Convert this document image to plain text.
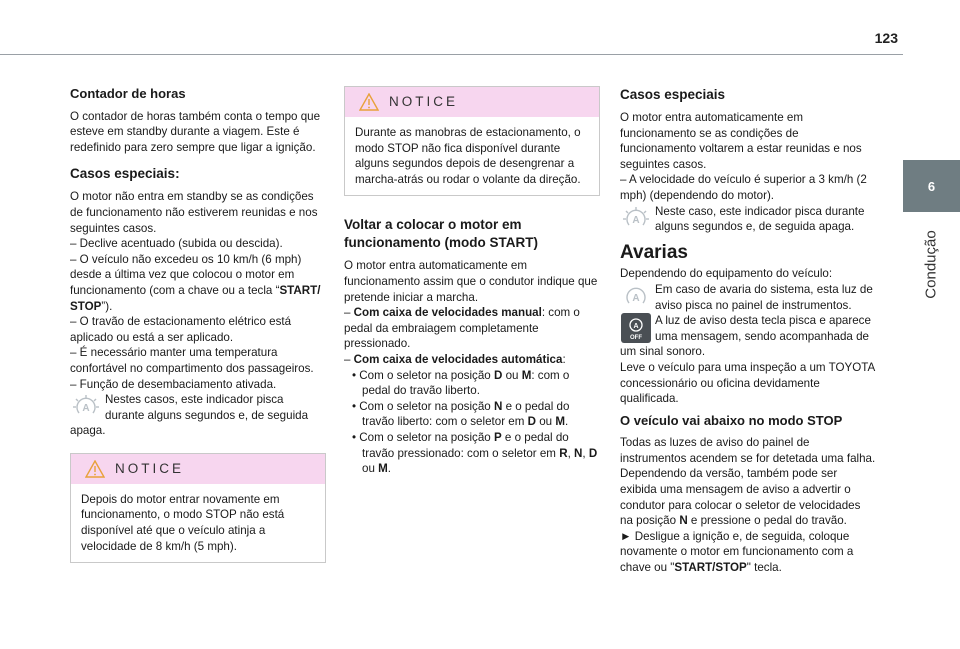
123
6
Condução
Contador de horas

O contador de horas também conta o tempo que esteve em standby durante a viagem. Este é redefinido para zero sempre que ligar a ignição.

Casos especiais:

O motor não entra em standby se as condições de funcionamento não estiverem reunidas e nos seguintes casos.

– Declive acentuado (subida ou descida).

– O veículo não excedeu os 10 km/h (6 mph) desde a última vez que colocou o motor em funcionamento (com a chave ou a tecla “START/ STOP”).

– O travão de estacionamento elétrico está aplicado ou está a ser aplicado.

– É necessário manter uma temperatura confortável no compartimento dos passageiros.

– Função de desembaciamento ativada.

A
Nestes casos, este indicador pisca durante alguns segundos e, de seguida apaga.
NOTICE
Depois do motor entrar novamente em funcionamento, o modo STOP não está disponível até que o veículo atinja a velocidade de 8 km/h (5 mph).
NOTICE
Durante as manobras de estacionamento, o modo STOP não fica disponível durante alguns segundos depois de desengrenar a marcha-atrás ou rodar o volante da direção.
Voltar a colocar o motor em funcionamento (modo START)

O motor entra automaticamente em funcionamento assim que o condutor indique que pretende iniciar a marcha.

– Com caixa de velocidades manual: com o pedal da embraiagem completamente pressionado.

– Com caixa de velocidades automática:

• Com o seletor na posição D ou M: com o pedal do travão liberto.

• Com o seletor na posição N e o pedal do travão liberto: com o seletor em D ou M.

• Com o seletor na posição P e o pedal do travão pressionado: com o seletor em R, N, D ou M.

Casos especiais

O motor entra automaticamente em funcionamento se as condições de funcionamento voltarem a estar reunidas e nos seguintes casos.

– A velocidade do veículo é superior a 3 km/h (2 mph) (dependendo do motor).

A
Neste caso, este indicador pisca durante alguns segundos e, de seguida apaga.
Avarias

Dependendo do equipamento do veículo:

A
Em caso de avaria do sistema, esta luz de aviso pisca no painel de instrumentos.
A
OFF
A luz de aviso desta tecla pisca e aparece uma mensagem, sendo acompanhada de um sinal sonoro.

Leve o veículo para uma inspeção a um TOYOTA concessionário ou oficina devidamente qualificada.

O veículo vai abaixo no modo STOP

Todas as luzes de aviso do painel de instrumentos acendem se for detetada uma falha.

Dependendo da versão, também pode ser exibida uma mensagem de aviso a advertir o condutor para colocar o seletor de velocidades na posição N e pressione o pedal do travão.

► Desligue a ignição e, de seguida, coloque novamente o motor em funcionamento com a chave ou "START/STOP" tecla.
